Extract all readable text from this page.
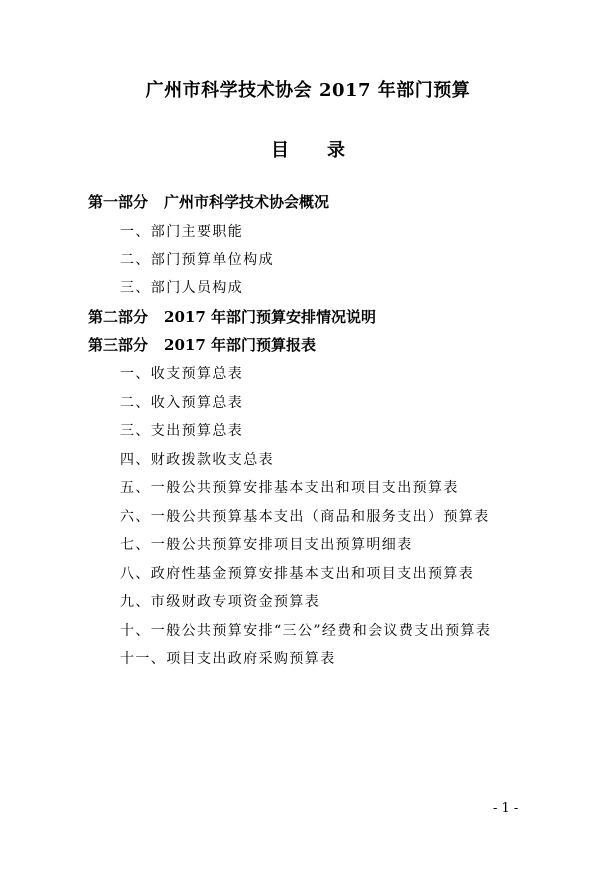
广州市科学技术协会 2017 年部门预算
目 录
第一部分 广州市科学技术协会概况
一、部门主要职能
二、部门预算单位构成
三、部门人员构成
第二部分 2017 年部门预算安排情况说明
第三部分 2017 年部门预算报表
一、收支预算总表
二、收入预算总表
三、支出预算总表
四、财政拨款收支总表
五、一般公共预算安排基本支出和项目支出预算表
六、一般公共预算基本支出（商品和服务支出）预算表
七、一般公共预算安排项目支出预算明细表
八、政府性基金预算安排基本支出和项目支出预算表
九、市级财政专项资金预算表
十、一般公共预算安排“三公”经费和会议费支出预算表
十一、项目支出政府采购预算表
- 1 -
